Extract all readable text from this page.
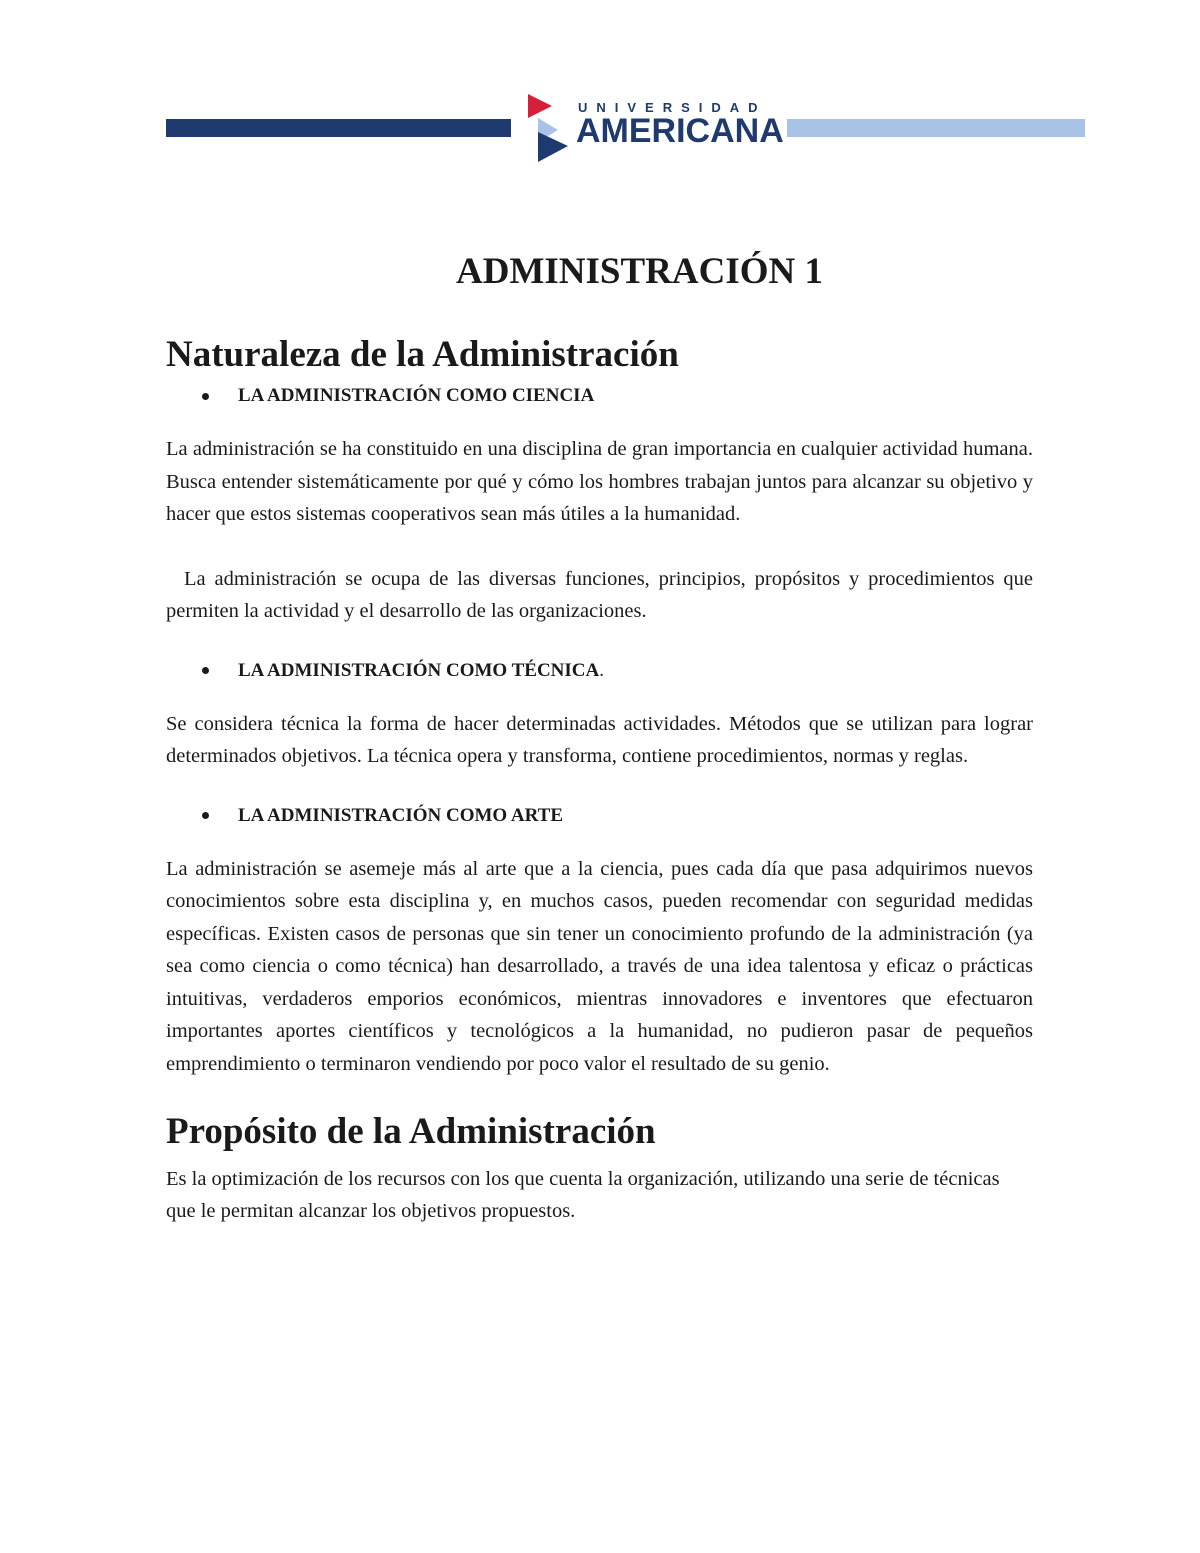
UNIVERSIDAD
AMERICANA
ADMINISTRACIÓN 1
Naturaleza de la Administración
LA ADMINISTRACIÓN COMO CIENCIA

La administración se ha constituido en una disciplina de gran importancia en cualquier actividad humana. Busca entender sistemáticamente por qué y cómo los hombres trabajan juntos para alcanzar su objetivo y hacer que estos sistemas cooperativos sean más útiles a la humanidad.

La administración se ocupa de las diversas funciones, principios, propósitos y procedimientos que permiten la actividad y el desarrollo de las organizaciones.

LA ADMINISTRACIÓN COMO TÉCNICA .

Se considera técnica la forma de hacer determinadas actividades. Métodos que se utilizan para lograr determinados objetivos. La técnica opera y transforma, contiene procedimientos, normas y reglas.

LA ADMINISTRACIÓN COMO ARTE

La administración se asemeje más al arte que a la ciencia, pues cada día que pasa adquirimos nuevos conocimientos sobre esta disciplina y, en muchos casos, pueden recomendar con seguridad medidas específicas. Existen casos de personas que sin tener un conocimiento profundo de la administración (ya sea como ciencia o como técnica) han desarrollado, a través de una idea talentosa y eficaz o prácticas intuitivas, verdaderos emporios económicos, mientras innovadores e inventores que efectuaron importantes aportes científicos y tecnológicos a la humanidad, no pudieron pasar de pequeños emprendimiento o terminaron vendiendo por poco valor el resultado de su genio.

Propósito de la Administración

Es la optimización de los recursos con los que cuenta la organización, utilizando una serie de técnicas que le permitan alcanzar los objetivos propuestos.
